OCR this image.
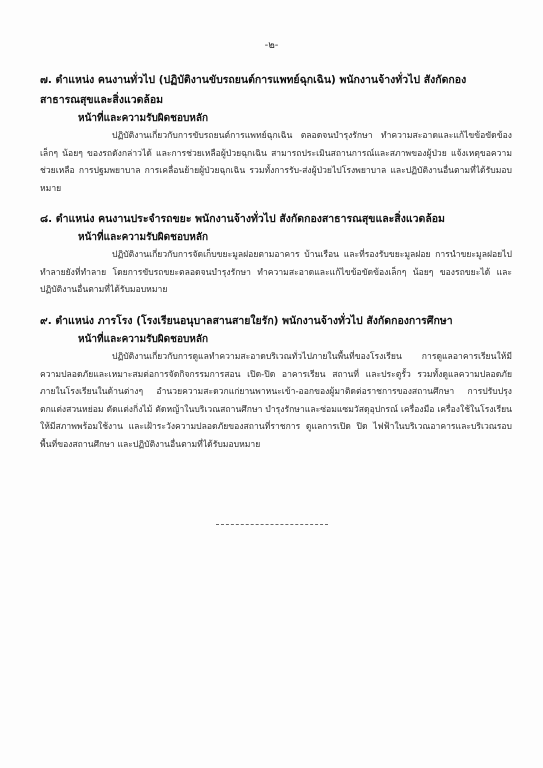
-๒-

๗. ตำแหน่ง คนงานทั่วไป (ปฏิบัติงานขับรถยนต์การแพทย์ฉุกเฉิน) พนักงานจ้างทั่วไป สังกัดกองสาธารณสุขและสิ่งแวดล้อม

หน้าที่และความรับผิดชอบหลัก

ปฏิบัติงานเกี่ยวกับการขับรถยนต์การแพทย์ฉุกเฉิน ตลอดจนบำรุงรักษา ทำความสะอาดและแก้ไขข้อขัดข้องเล็กๆ น้อยๆ ของรถดังกล่าวได้ และการช่วยเหลือผู้ป่วยฉุกเฉิน สามารถประเมินสถานการณ์และสภาพของผู้ป่วย แจ้งเหตุขอความช่วยเหลือ การปฐมพยาบาล การเคลื่อนย้ายผู้ป่วยฉุกเฉิน รวมทั้งการรับ-ส่งผู้ป่วยไปโรงพยาบาล และปฏิบัติงานอื่นตามที่ได้รับมอบหมาย

๘. ตำแหน่ง คนงานประจำรถขยะ พนักงานจ้างทั่วไป สังกัดกองสาธารณสุขและสิ่งแวดล้อม

หน้าที่และความรับผิดชอบหลัก

ปฏิบัติงานเกี่ยวกับการจัดเก็บขยะมูลฝอยตามอาคาร บ้านเรือน และที่รองรับขยะมูลฝอย การนำขยะมูลฝอยไปทำลายยังที่ทำลาย โดยการขับรถขยะตลอดจนบำรุงรักษา ทำความสะอาดและแก้ไขข้อขัดข้องเล็กๆ น้อยๆ ของรถขยะได้ และปฏิบัติงานอื่นตามที่ได้รับมอบหมาย

๙. ตำแหน่ง ภารโรง (โรงเรียนอนุบาลสานสายใยรัก) พนักงานจ้างทั่วไป สังกัดกองการศึกษา

หน้าที่และความรับผิดชอบหลัก

ปฏิบัติงานเกี่ยวกับการดูแลทำความสะอาดบริเวณทั่วไปภายในพื้นที่ของโรงเรียน การดูแลอาคารเรียนให้มีความปลอดภัยและเหมาะสมต่อการจัดกิจกรรมการสอน เปิด-ปิด อาคารเรียน สถานที่ และประตูรั้ว รวมทั้งดูแลความปลอดภัยภายในโรงเรียนในด้านต่างๆ อำนวยความสะดวกแก่ยานพาหนะเข้า-ออกของผู้มาติดต่อราชการของสถานศึกษา การปรับปรุงตกแต่งสวนหย่อม ตัดแต่งกิ่งไม้ ตัดหญ้าในบริเวณสถานศึกษา บำรุงรักษาและซ่อมแซมวัสดุอุปกรณ์ เครื่องมือ เครื่องใช้ในโรงเรียนให้มีสภาพพร้อมใช้งาน และเฝ้าระวังความปลอดภัยของสถานที่ราชการ ดูแลการเปิด ปิด ไฟฟ้าในบริเวณอาคารและบริเวณรอบพื้นที่ของสถานศึกษา และปฏิบัติงานอื่นตามที่ได้รับมอบหมาย
